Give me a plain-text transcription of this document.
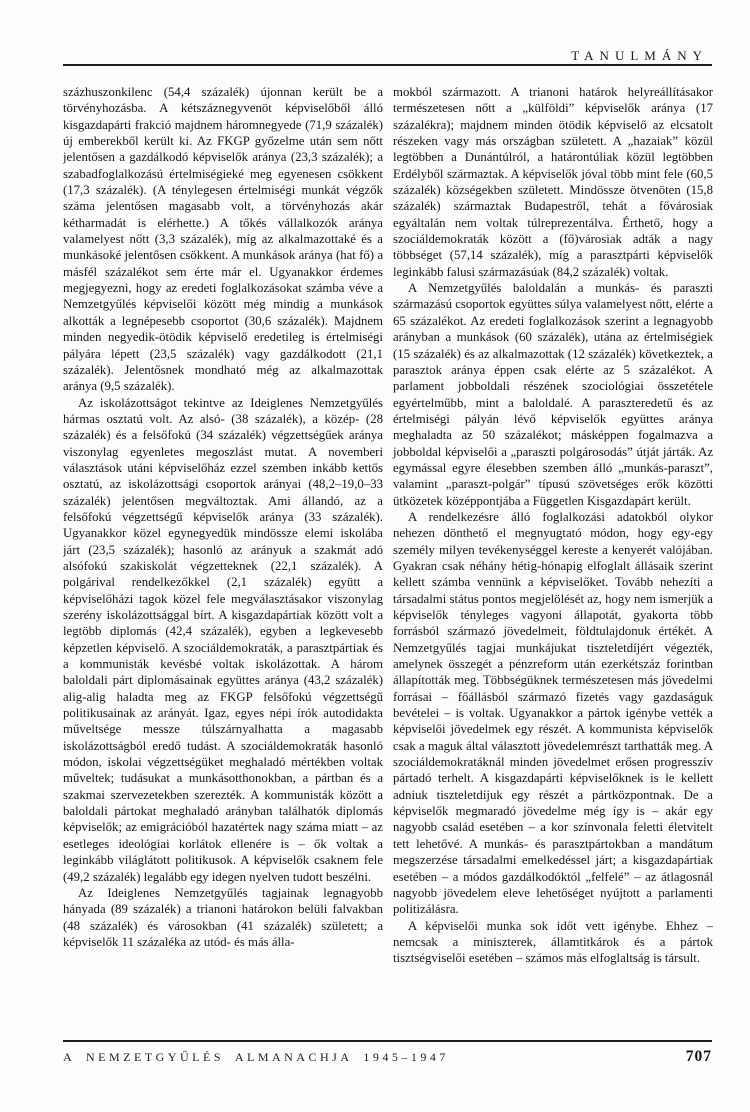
TANULMÁNY

százhuszonkilenc (54,4 százalék) újonnan került be a törvényhozásba. A kétszáznegyvenöt képviselőből álló kisgazdapárti frakció majdnem háromnegyede (71,9 százalék) új emberekből került ki. Az FKGP győzelme után sem nőtt jelentősen a gazdálkodó képviselők aránya (23,3 százalék); a szabadfoglalkozású értelmiségieké meg egyenesen csökkent (17,3 százalék). (A ténylegesen értelmiségi munkát végzők száma jelentősen magasabb volt, a törvényhozás akár kétharmadát is elérhette.) A tőkés vállalkozók aránya valamelyest nőtt (3,3 százalék), míg az alkalmazottaké és a munkásoké jelentősen csökkent. A munkások aránya (hat fő) a másfél százalékot sem érte már el. Ugyanakkor érdemes megjegyezni, hogy az eredeti foglalkozásokat számba véve a Nemzetgyűlés képviselői között még mindig a munkások alkották a legnépesebb csoportot (30,6 százalék). Majdnem minden negyedik-ötödik képviselő eredetileg is értelmiségi pályára lépett (23,5 százalék) vagy gazdálkodott (21,1 százalék). Jelentősnek mondható még az alkalmazottak aránya (9,5 százalék).

Az iskolázottságot tekintve az Ideiglenes Nemzetgyűlés hármas osztatú volt. Az alsó- (38 százalék), a közép- (28 százalék) és a felsőfokú (34 százalék) végzettségűek aránya viszonylag egyenletes megoszlást mutat. A novemberi választások utáni képviselőház ezzel szemben inkább kettős osztatú, az iskolázottsági csoportok arányai (48,2–19,0–33 százalék) jelentősen megváltoztak. Ami állandó, az a felsőfokú végzettségű képviselők aránya (33 százalék). Ugyanakkor közel egynegyedük mindössze elemi iskolába járt (23,5 százalék); hasonló az arányuk a szakmát adó alsófokú szakiskolát végzetteknek (22,1 százalék). A polgárival rendelkezőkkel (2,1 százalék) együtt a képviselőházi tagok közel fele megválasztásakor viszonylag szerény iskolázottsággal bírt. A kisgazdapártiak között volt a legtöbb diplomás (42,4 százalék), egyben a legkevesebb képzetlen képviselő. A szociáldemokraták, a parasztpártiak és a kommunisták kevésbé voltak iskolázottak. A három baloldali párt diplomásainak együttes aránya (43,2 százalék) alig-alig haladta meg az FKGP felsőfokú végzettségű politikusainak az arányát. Igaz, egyes népi írók autodidakta műveltsége messze túlszárnyalhatta a magasabb iskolázottságból eredő tudást. A szociáldemokraták hasonló módon, iskolai végzettségüket meghaladó mértékben voltak műveltek; tudásukat a munkásotthonokban, a pártban és a szakmai szervezetekben szerezték. A kommunisták között a baloldali pártokat meghaladó arányban találhatók diplomás képviselők; az emigrációból hazatértek nagy száma miatt – az esetleges ideológiai korlátok ellenére is – ők voltak a leginkább világlátott politikusok. A képviselők csaknem fele (49,2 százalék) legalább egy idegen nyelven tudott beszélni.

Az Ideiglenes Nemzetgyűlés tagjainak legnagyobb hányada (89 százalék) a trianoni határokon belüli falvakban (48 százalék) és városokban (41 százalék) született; a képviselők 11 százaléka az utód- és más álla-

mokból származott. A trianoni határok helyreállításakor természetesen nőtt a „külföldi” képviselők aránya (17 százalékra); majdnem minden ötödik képviselő az elcsatolt részeken vagy más országban született. A „hazaiak” közül legtöbben a Dunántúlról, a határontúliak közül legtöbben Erdélyből származtak. A képviselők jóval több mint fele (60,5 százalék) községekben született. Mindössze ötvenöten (15,8 százalék) származtak Budapestről, tehát a fővárosiak egyáltalán nem voltak túlreprezentálva. Érthető, hogy a szociáldemokraták között a (fő)városiak adták a nagy többséget (57,14 százalék), míg a parasztpárti képviselők leginkább falusi származásúak (84,2 százalék) voltak.

A Nemzetgyűlés baloldalán a munkás- és paraszti származású csoportok együttes súlya valamelyest nőtt, elérte a 65 százalékot. Az eredeti foglalkozások szerint a legnagyobb arányban a munkások (60 százalék), utána az értelmiségiek (15 százalék) és az alkalmazottak (12 százalék) következtek, a parasztok aránya éppen csak elérte az 5 százalékot. A parlament jobboldali részének szociológiai összetétele egyértelműbb, mint a baloldalé. A paraszteredetű és az értelmiségi pályán lévő képviselők együttes aránya meghaladta az 50 százalékot; másképpen fogalmazva a jobboldal képviselői a „paraszti polgárosodás” útját járták. Az egymással egyre élesebben szemben álló „munkás-paraszt”, valamint „paraszt-polgár” típusú szövetséges erők közötti ütközetek középpontjába a Független Kisgazdapárt került.

A rendelkezésre álló foglalkozási adatokból olykor nehezen dönthető el megnyugtató módon, hogy egy-egy személy milyen tevékenységgel kereste a kenyerét valójában. Gyakran csak néhány hétig-hónapig elfoglalt állásaik szerint kellett számba vennünk a képviselőket. Tovább nehezíti a társadalmi státus pontos megjelölését az, hogy nem ismerjük a képviselők tényleges vagyoni állapotát, gyakorta több forrásból származó jövedelmeit, földtulajdonuk értékét. A Nemzetgyűlés tagjai munkájukat tiszteletdíjért végezték, amelynek összegét a pénzreform után ezerkétszáz forintban állapították meg. Többségüknek természetesen más jövedelmi forrásai – főállásból származó fizetés vagy gazdaságuk bevételei – is voltak. Ugyanakkor a pártok igénybe vették a képviselői jövedelmek egy részét. A kommunista képviselők csak a maguk által választott jövedelemrészt tarthatták meg. A szociáldemokratáknál minden jövedelmet erősen progresszív pártadó terhelt. A kisgazdapárti képviselőknek is le kellett adniuk tiszteletdíjuk egy részét a pártközpontnak. De a képviselők megmaradó jövedelme még így is – akár egy nagyobb család esetében – a kor színvonala feletti életvitelt tett lehetővé. A munkás- és parasztpártokban a mandátum megszerzése társadalmi emelkedéssel járt; a kisgazdapártiak esetében – a módos gazdálkodóktól „felfelé” – az átlagosnál nagyobb jövedelem eleve lehetőséget nyújtott a parlamenti politizálásra.

A képviselői munka sok időt vett igénybe. Ehhez – nemcsak a miniszterek, államtitkárok és a pártok tisztségviselői esetében – számos más elfoglaltság is társult.

A NEMZETGYŰLÉS ALMANACHJA 1945–1947	707
